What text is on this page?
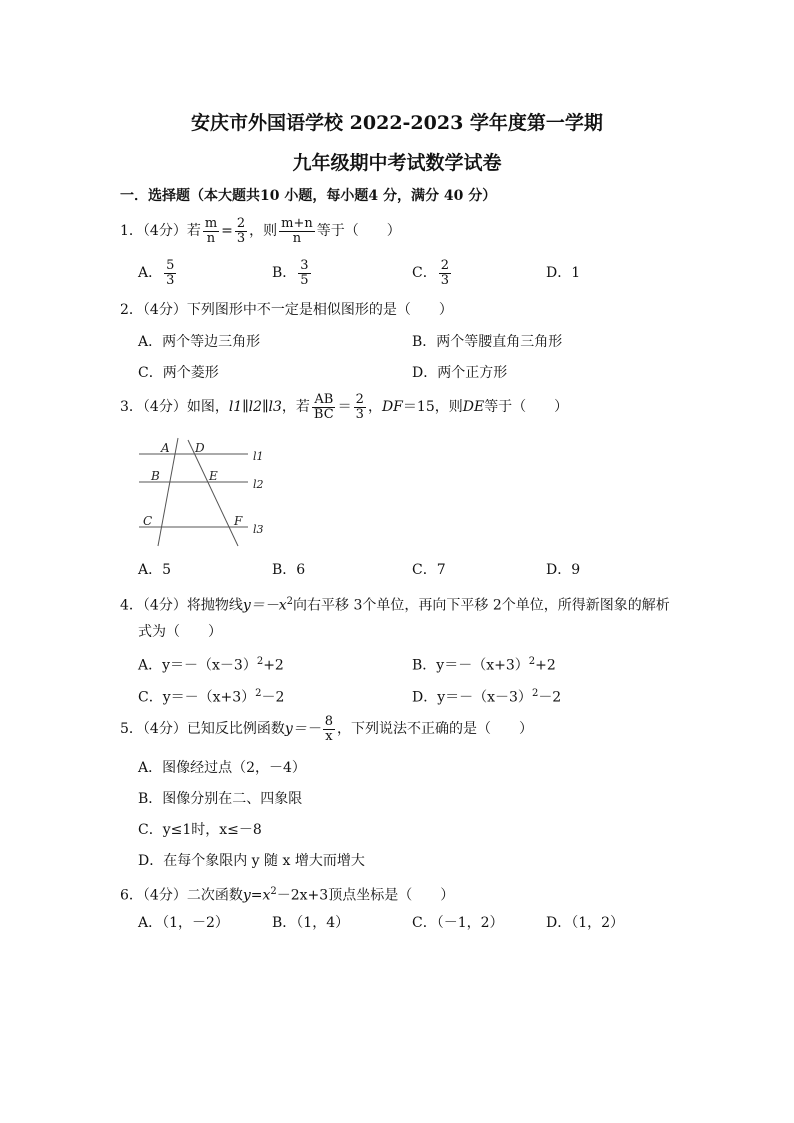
安庆市外国语学校 2022-2023 学年度第一学期
九年级期中考试数学试卷
一．选择题（本大题共10 小题，每小题4 分，满分 40 分）
1．（4分）若 $\frac{m}{n} = \frac{2}{3}$ ，则 $\frac{m+n}{n}$ 等于（　　）
A． $\frac{5}{3}$	B． $\frac{3}{5}$	C． $\frac{2}{3}$	D．1
2．（4分）下列图形中不一定是相似图形的是（　　）
A．两个等边三角形	B．两个等腰直角三角形
C．两个菱形	D．两个正方形
3．（4分）如图，l1∥l2∥l3，若 $\frac{AB}{BC} = \frac{2}{3}$ ，DF＝15，则DE等于（　　）
A D
B	E
C	F
l1
l2
l3
A．5	B．6	C．7	D．9
4．（4分）将抛物线$y=-x^2$向右平移 3个单位，再向下平移 2个单位，所得新图象的解析
式为（　　）
A．$y=-(x-3)^2+2$	B．$y=-(x+3)^2+2$
C．$y=-(x+3)^2-2$	D．$y=-(x-3)^2-2$
5．（4分）已知反比例函数$y=- \frac{8}{x}$ ，下列说法不正确的是（　　）
A．图像经过点（2，－4）
B．图像分别在二、四象限
C．y≤1时，x≤－8
D．在每个象限内 y 随 x 增大而增大
6．（4分）二次函数$y=x^2-2x+3$顶点坐标是（　　）
A．（1，－2）	B．（1，4）	C．（－1，2）	D．（1，2）
